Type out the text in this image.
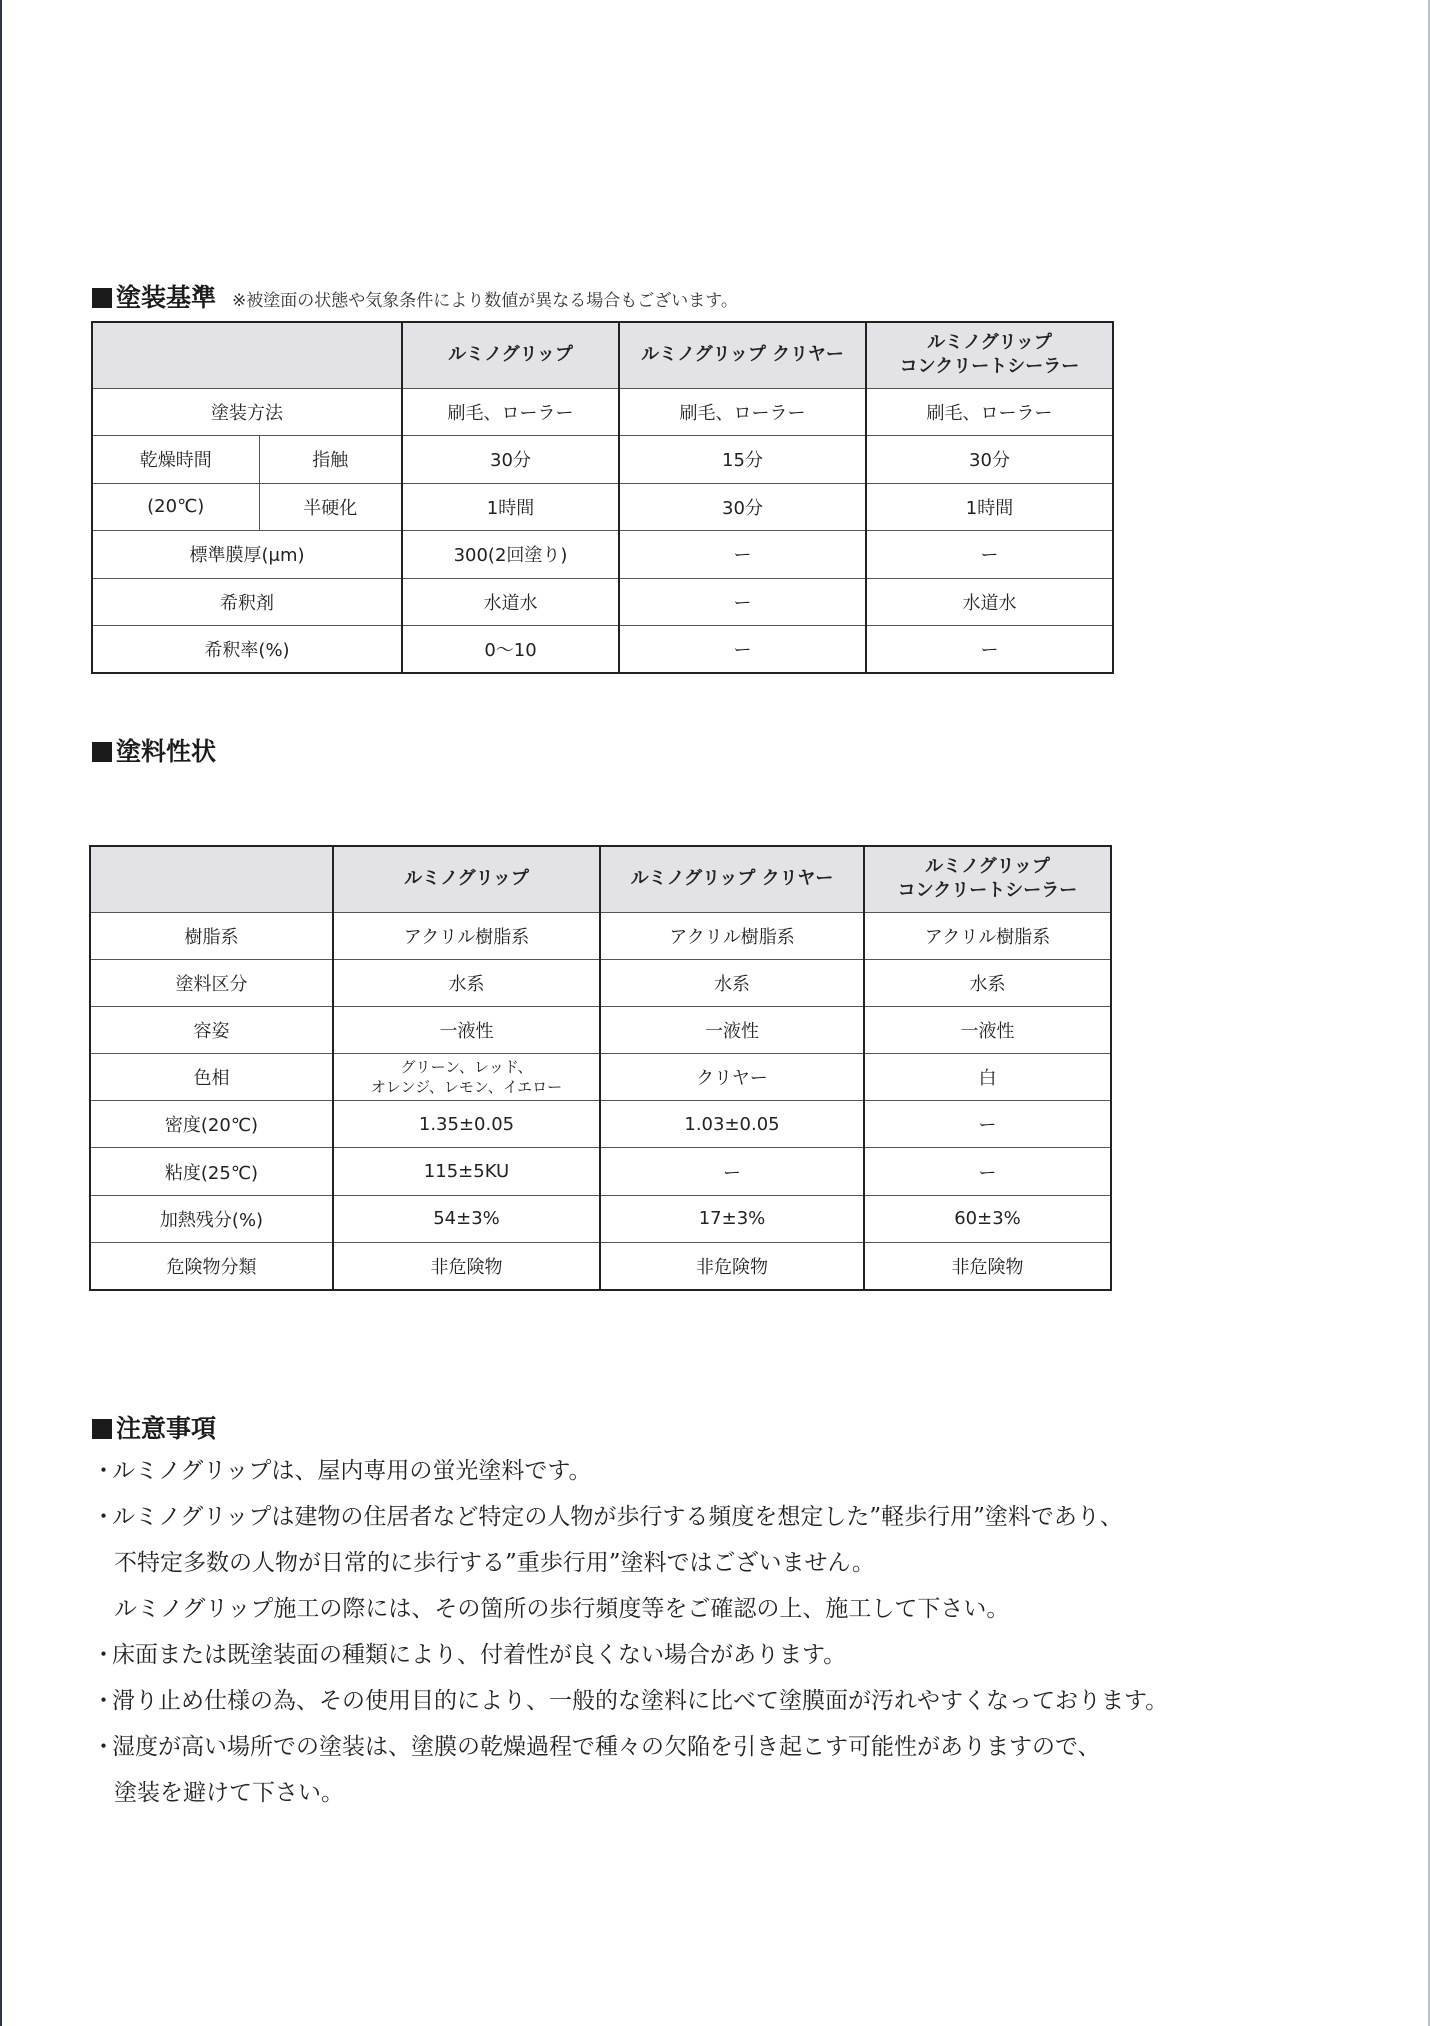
塗装基準 ※被塗面の状態や気象条件により数値が異なる場合もございます。
		ルミノグリップ	ルミノグリップ クリヤー	ルミノグリップ
コンクリートシーラー

塗装方法		刷毛、ローラー	刷毛、ローラー	刷毛、ローラー
乾燥時間	指触	30分	15分	30分
(20℃)	半硬化	1時間	30分	1時間
標準膜厚(μm)		300(2回塗り)	ー	ー
希釈剤		水道水	ー	水道水
希釈率(%)		0〜10	ー	ー
塗料性状
	ルミノグリップ	ルミノグリップ クリヤー	ルミノグリップ
コンクリートシーラー

樹脂系	アクリル樹脂系	アクリル樹脂系	アクリル樹脂系
塗料区分	水系	水系	水系
容姿	一液性	一液性	一液性
色相	グリーン、レッド、
オレンジ、レモン、イエロー	クリヤー	白
密度(20℃)	1.35±0.05	1.03±0.05	ー
粘度(25℃)	115±5KU	ー	ー
加熱残分(%)	54±3%	17±3%	60±3%
危険物分類	非危険物	非危険物	非危険物
注意事項
・ルミノグリップは、屋内専用の蛍光塗料です。
・ルミノグリップは建物の住居者など特定の人物が歩行する頻度を想定した”軽歩行用”塗料であり、
不特定多数の人物が日常的に歩行する”重歩行用”塗料ではございません。
ルミノグリップ施工の際には、その箇所の歩行頻度等をご確認の上、施工して下さい。
・床面または既塗装面の種類により、付着性が良くない場合があります。
・滑り止め仕様の為、その使用目的により、一般的な塗料に比べて塗膜面が汚れやすくなっております。
・湿度が高い場所での塗装は、塗膜の乾燥過程で種々の欠陥を引き起こす可能性がありますので、
塗装を避けて下さい。
